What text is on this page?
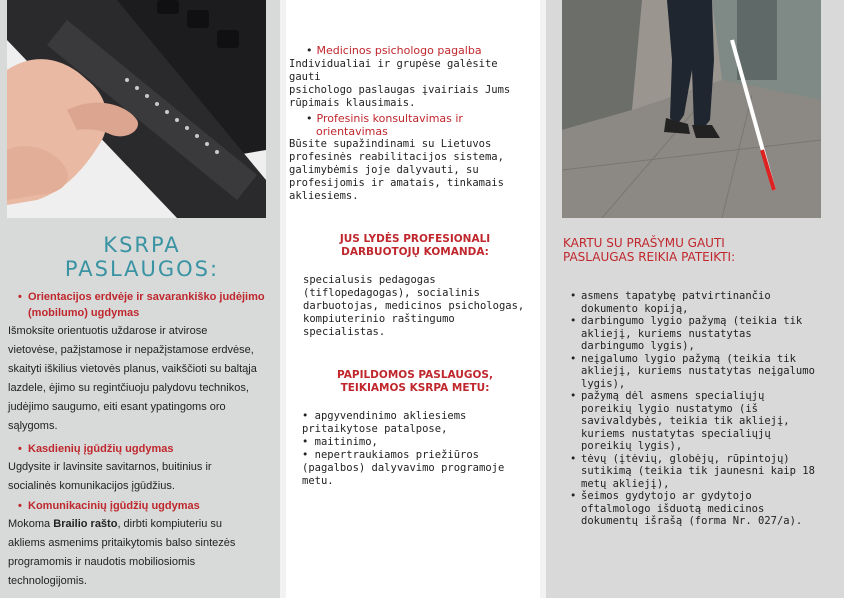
KSRPA
PASLAUGOS:
• Orientacijos erdvėje ir savarankiško judėjimo
(mobilumo) ugdymas
Išmoksite orientuotis uždarose ir atvirose
vietovėse, pažįstamose ir nepažįstamose erdvėse,
skaityti iškilius vietovės planus, vaikščioti su baltąja
lazdele, ėjimo su regintčiuoju palydovu technikos,
judėjimo saugumo, eiti esant ypatingoms oro
sąlygoms.
• Kasdienių įgūdžių ugdymas
Ugdysite ir lavinsite savitarnos, buitinius ir
socialinės komunikacijos įgūdžius.
• Komunikacinių įgūdžių ugdymas
Mokoma Brailio rašto, dirbti kompiuteriu su
akliems asmenims pritaikytomis balso sintezės
programomis ir naudotis mobiliosiomis
technologijomis.
• Medicinos psichologo pagalba
Individualiai ir grupėse galėsite gauti
psichologo paslaugas įvairiais Jums
rūpimais klausimais.
• Profesinis konsultavimas ir
orientavimas
Būsite supažindinami su Lietuvos
profesinės reabilitacijos sistema,
galimybėmis joje dalyvauti, su
profesijomis ir amatais, tinkamais
akliesiems.
JUS LYDĖS PROFESIONALI
DARBUOTOJŲ KOMANDA:
specialusis pedagogas
(tiflopedagogas), socialinis
darbuotojas, medicinos psichologas,
kompiuterinio raštingumo
specialistas.
PAPILDOMOS PASLAUGOS,
TEIKIAMOS KSRPA METU:
• apgyvendinimo akliesiems
pritaikytose patalpose,
• maitinimo,
• nepertraukiamos priežiūros
(pagalbos) dalyvavimo programoje
metu.
KARTU SU PRAŠYMU GAUTI
PASLAUGAS REIKIA PATEIKTI:
• asmens tapatybę patvirtinančio
dokumento kopiją,
• darbingumo lygio pažymą (teikia tik
akliejį, kuriems nustatytas
darbingumo lygis),
• neįgalumo lygio pažymą (teikia tik
akliejį, kuriems nustatytas neįgalumo
lygis),
• pažymą dėl asmens specialiųjų
poreikių lygio nustatymo (iš
savivaldybės, teikia tik akliejį,
kuriems nustatytas specialiųjų
poreikių lygis),
• tėvų (įtėvių, globėjų, rūpintojų)
sutikimą (teikia tik jaunesni kaip 18
metų akliejį),
• šeimos gydytojo ar gydytojo
oftalmologo išduotą medicinos
dokumentų išrašą (forma Nr. 027/a).
